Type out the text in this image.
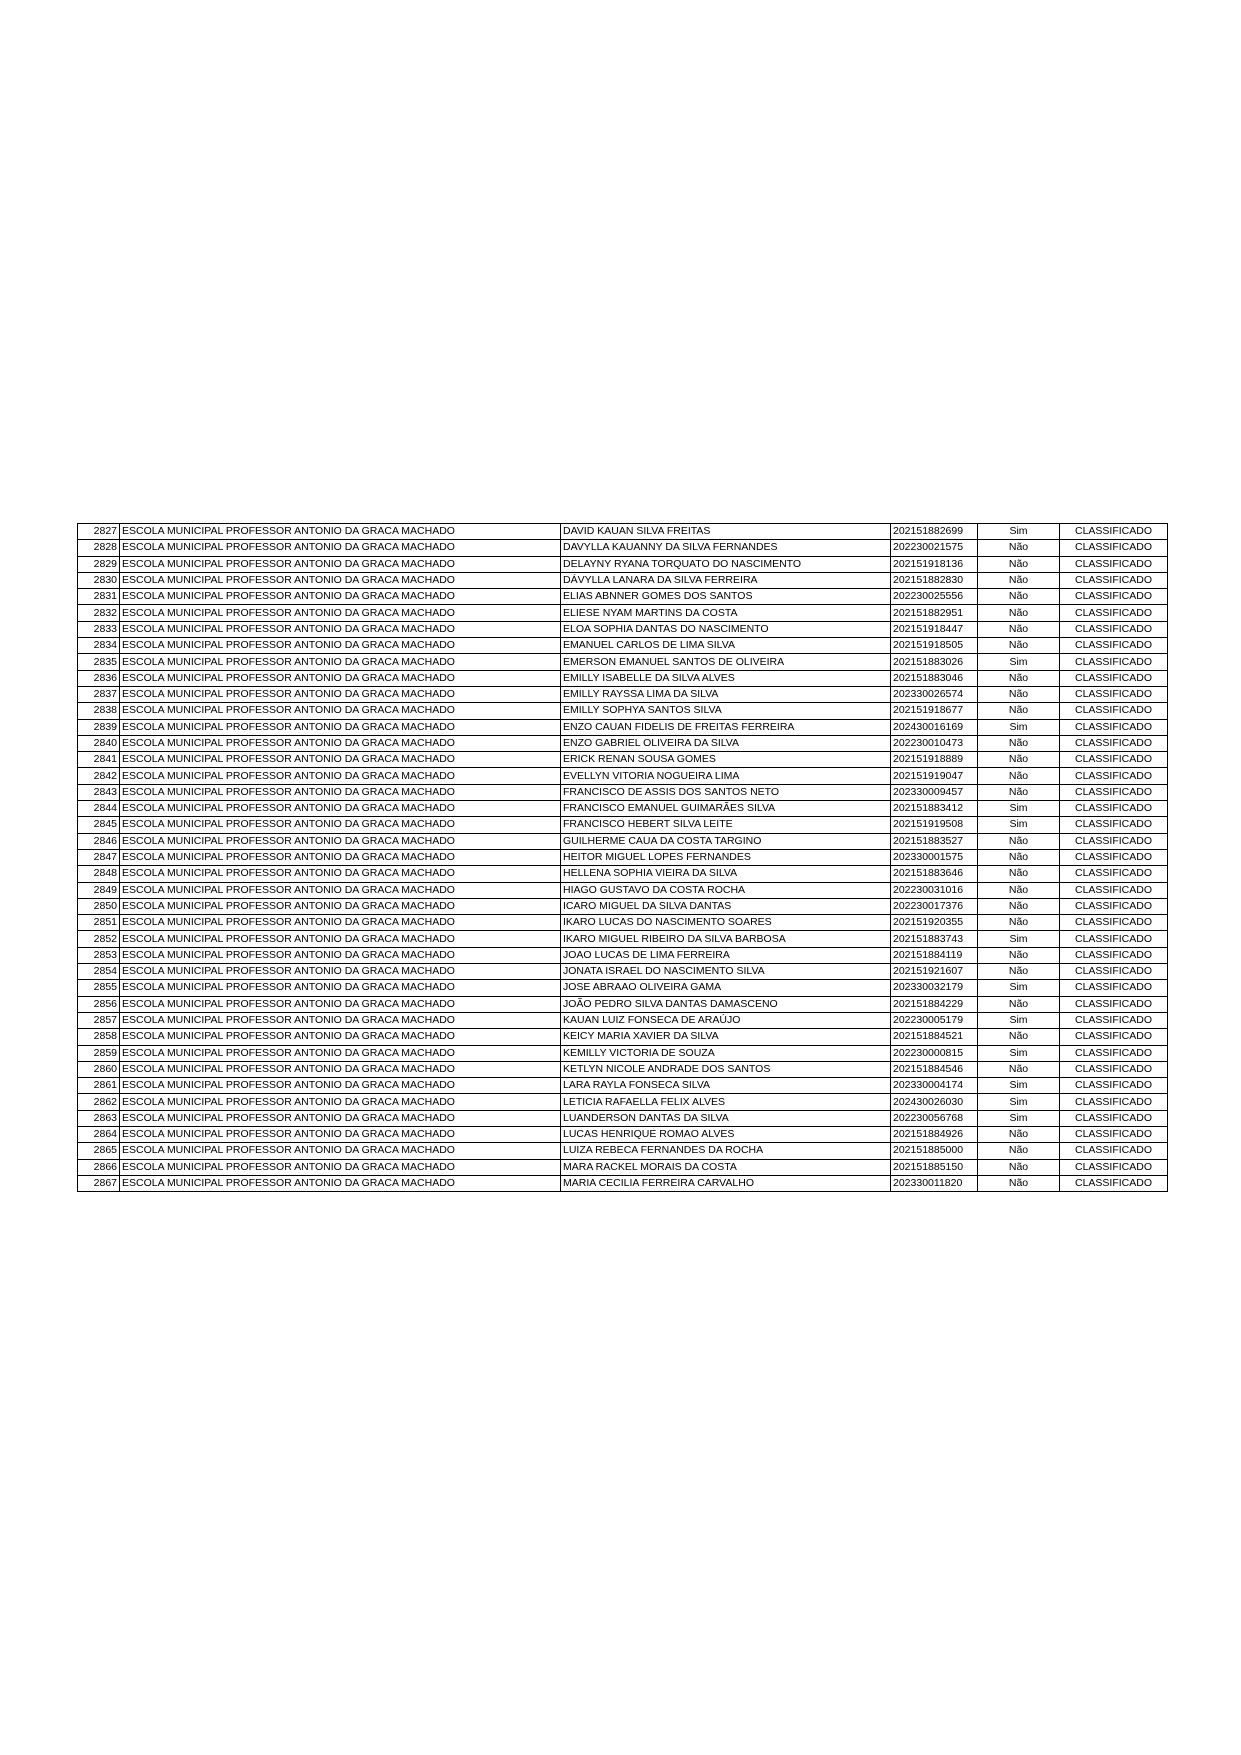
2827	ESCOLA MUNICIPAL PROFESSOR ANTONIO DA GRACA MACHADO	DAVID KAUAN SILVA FREITAS	202151882699	Sim	CLASSIFICADO
2828	ESCOLA MUNICIPAL PROFESSOR ANTONIO DA GRACA MACHADO	DAVYLLA KAUANNY DA SILVA FERNANDES	202230021575	Não	CLASSIFICADO
2829	ESCOLA MUNICIPAL PROFESSOR ANTONIO DA GRACA MACHADO	DELAYNY RYANA TORQUATO DO NASCIMENTO	202151918136	Não	CLASSIFICADO
2830	ESCOLA MUNICIPAL PROFESSOR ANTONIO DA GRACA MACHADO	DÁVYLLA LANARA DA SILVA FERREIRA	202151882830	Não	CLASSIFICADO
2831	ESCOLA MUNICIPAL PROFESSOR ANTONIO DA GRACA MACHADO	ELIAS ABNNER GOMES DOS SANTOS	202230025556	Não	CLASSIFICADO
2832	ESCOLA MUNICIPAL PROFESSOR ANTONIO DA GRACA MACHADO	ELIESE NYAM MARTINS DA COSTA	202151882951	Não	CLASSIFICADO
2833	ESCOLA MUNICIPAL PROFESSOR ANTONIO DA GRACA MACHADO	ELOA SOPHIA DANTAS DO NASCIMENTO	202151918447	Não	CLASSIFICADO
2834	ESCOLA MUNICIPAL PROFESSOR ANTONIO DA GRACA MACHADO	EMANUEL CARLOS DE LIMA SILVA	202151918505	Não	CLASSIFICADO
2835	ESCOLA MUNICIPAL PROFESSOR ANTONIO DA GRACA MACHADO	EMERSON EMANUEL SANTOS DE OLIVEIRA	202151883026	Sim	CLASSIFICADO
2836	ESCOLA MUNICIPAL PROFESSOR ANTONIO DA GRACA MACHADO	EMILLY ISABELLE DA SILVA ALVES	202151883046	Não	CLASSIFICADO
2837	ESCOLA MUNICIPAL PROFESSOR ANTONIO DA GRACA MACHADO	EMILLY RAYSSA LIMA DA SILVA	202330026574	Não	CLASSIFICADO
2838	ESCOLA MUNICIPAL PROFESSOR ANTONIO DA GRACA MACHADO	EMILLY SOPHYA SANTOS SILVA	202151918677	Não	CLASSIFICADO
2839	ESCOLA MUNICIPAL PROFESSOR ANTONIO DA GRACA MACHADO	ENZO CAUAN FIDELIS DE FREITAS FERREIRA	202430016169	Sim	CLASSIFICADO
2840	ESCOLA MUNICIPAL PROFESSOR ANTONIO DA GRACA MACHADO	ENZO GABRIEL OLIVEIRA DA SILVA	202230010473	Não	CLASSIFICADO
2841	ESCOLA MUNICIPAL PROFESSOR ANTONIO DA GRACA MACHADO	ERICK RENAN SOUSA GOMES	202151918889	Não	CLASSIFICADO
2842	ESCOLA MUNICIPAL PROFESSOR ANTONIO DA GRACA MACHADO	EVELLYN VITORIA NOGUEIRA LIMA	202151919047	Não	CLASSIFICADO
2843	ESCOLA MUNICIPAL PROFESSOR ANTONIO DA GRACA MACHADO	FRANCISCO DE ASSIS DOS SANTOS NETO	202330009457	Não	CLASSIFICADO
2844	ESCOLA MUNICIPAL PROFESSOR ANTONIO DA GRACA MACHADO	FRANCISCO EMANUEL GUIMARÃES SILVA	202151883412	Sim	CLASSIFICADO
2845	ESCOLA MUNICIPAL PROFESSOR ANTONIO DA GRACA MACHADO	FRANCISCO HEBERT SILVA LEITE	202151919508	Sim	CLASSIFICADO
2846	ESCOLA MUNICIPAL PROFESSOR ANTONIO DA GRACA MACHADO	GUILHERME CAUA DA COSTA TARGINO	202151883527	Não	CLASSIFICADO
2847	ESCOLA MUNICIPAL PROFESSOR ANTONIO DA GRACA MACHADO	HEITOR MIGUEL LOPES FERNANDES	202330001575	Não	CLASSIFICADO
2848	ESCOLA MUNICIPAL PROFESSOR ANTONIO DA GRACA MACHADO	HELLENA SOPHIA VIEIRA DA SILVA	202151883646	Não	CLASSIFICADO
2849	ESCOLA MUNICIPAL PROFESSOR ANTONIO DA GRACA MACHADO	HIAGO GUSTAVO DA COSTA ROCHA	202230031016	Não	CLASSIFICADO
2850	ESCOLA MUNICIPAL PROFESSOR ANTONIO DA GRACA MACHADO	ICARO MIGUEL DA SILVA DANTAS	202230017376	Não	CLASSIFICADO
2851	ESCOLA MUNICIPAL PROFESSOR ANTONIO DA GRACA MACHADO	IKARO LUCAS DO NASCIMENTO SOARES	202151920355	Não	CLASSIFICADO
2852	ESCOLA MUNICIPAL PROFESSOR ANTONIO DA GRACA MACHADO	IKARO MIGUEL RIBEIRO DA SILVA BARBOSA	202151883743	Sim	CLASSIFICADO
2853	ESCOLA MUNICIPAL PROFESSOR ANTONIO DA GRACA MACHADO	JOAO LUCAS DE LIMA FERREIRA	202151884119	Não	CLASSIFICADO
2854	ESCOLA MUNICIPAL PROFESSOR ANTONIO DA GRACA MACHADO	JONATA ISRAEL DO NASCIMENTO SILVA	202151921607	Não	CLASSIFICADO
2855	ESCOLA MUNICIPAL PROFESSOR ANTONIO DA GRACA MACHADO	JOSE ABRAAO OLIVEIRA GAMA	202330032179	Sim	CLASSIFICADO
2856	ESCOLA MUNICIPAL PROFESSOR ANTONIO DA GRACA MACHADO	JOÃO PEDRO SILVA DANTAS DAMASCENO	202151884229	Não	CLASSIFICADO
2857	ESCOLA MUNICIPAL PROFESSOR ANTONIO DA GRACA MACHADO	KAUAN LUIZ FONSECA DE ARAÚJO	202230005179	Sim	CLASSIFICADO
2858	ESCOLA MUNICIPAL PROFESSOR ANTONIO DA GRACA MACHADO	KEICY MARIA XAVIER DA SILVA	202151884521	Não	CLASSIFICADO
2859	ESCOLA MUNICIPAL PROFESSOR ANTONIO DA GRACA MACHADO	KEMILLY VICTORIA DE SOUZA	202230000815	Sim	CLASSIFICADO
2860	ESCOLA MUNICIPAL PROFESSOR ANTONIO DA GRACA MACHADO	KETLYN NICOLE ANDRADE DOS SANTOS	202151884546	Não	CLASSIFICADO
2861	ESCOLA MUNICIPAL PROFESSOR ANTONIO DA GRACA MACHADO	LARA RAYLA FONSECA SILVA	202330004174	Sim	CLASSIFICADO
2862	ESCOLA MUNICIPAL PROFESSOR ANTONIO DA GRACA MACHADO	LETICIA RAFAELLA FELIX ALVES	202430026030	Sim	CLASSIFICADO
2863	ESCOLA MUNICIPAL PROFESSOR ANTONIO DA GRACA MACHADO	LUANDERSON DANTAS DA SILVA	202230056768	Sim	CLASSIFICADO
2864	ESCOLA MUNICIPAL PROFESSOR ANTONIO DA GRACA MACHADO	LUCAS HENRIQUE ROMAO ALVES	202151884926	Não	CLASSIFICADO
2865	ESCOLA MUNICIPAL PROFESSOR ANTONIO DA GRACA MACHADO	LUIZA REBECA FERNANDES DA ROCHA	202151885000	Não	CLASSIFICADO
2866	ESCOLA MUNICIPAL PROFESSOR ANTONIO DA GRACA MACHADO	MARA RACKEL MORAIS DA COSTA	202151885150	Não	CLASSIFICADO
2867	ESCOLA MUNICIPAL PROFESSOR ANTONIO DA GRACA MACHADO	MARIA CECILIA FERREIRA CARVALHO	202330011820	Não	CLASSIFICADO
